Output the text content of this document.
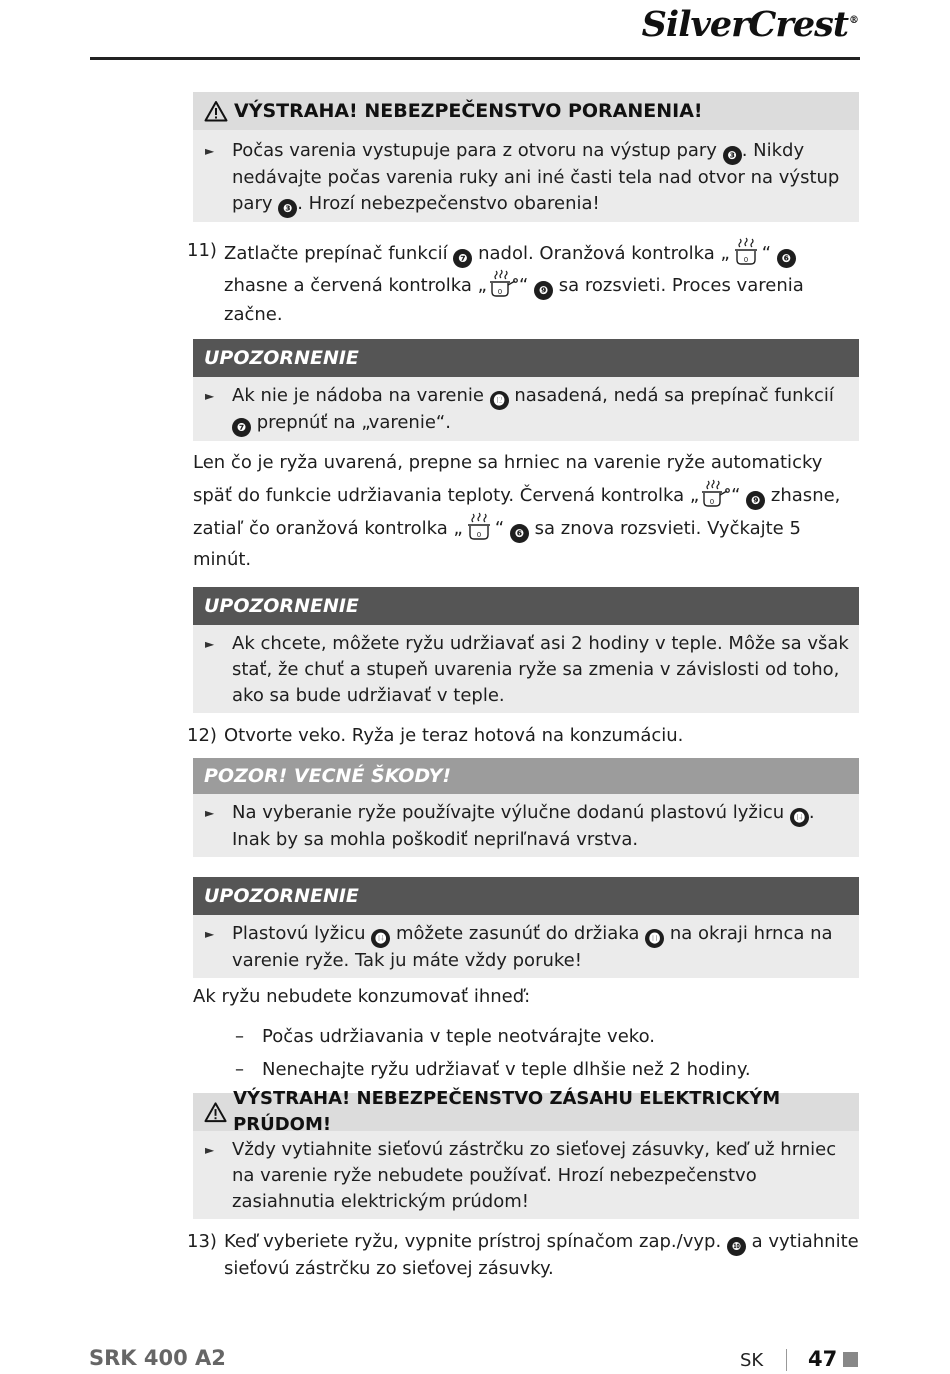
SilverCrest®
VÝSTRAHA! NEBEZPEČENSTVO PORANENIA!
► Počas varenia vystupuje para z otvoru na výstup pary ❸ . Nikdy nedávajte počas varenia ruky ani iné časti tela nad otvor na výstup pary ❸ . Hrozí nebezpečenstvo obarenia!
11) Zatlačte prepínač funkcií ❼ nadol. Oranžová kontrolka „ “ ❻ zhasne a červená kontrolka „ “ ❾ sa rozsvieti. Proces varenia začne.
UPOZORNENIE
► Ak nie je nádoba na varenie ⓬ nasadená, nedá sa prepínač funkcií ❼ prepnúť na „varenie“.
Len čo je ryža uvarená, prepne sa hrniec na varenie ryže automaticky späť do funkcie udržiavania teploty. Červená kontrolka „ “ ❾ zhasne, zatiaľ čo oranžová kontrolka „ “ ❻ sa znova rozsvieti. Vyčkajte 5 minút.
UPOZORNENIE
► Ak chcete, môžete ryžu udržiavať asi 2 hodiny v teple. Môže sa však stať, že chuť a stupeň uvarenia ryže sa zmenia v závislosti od toho, ako sa bude udržiavať v teple.
12) Otvorte veko. Ryža je teraz hotová na konzumáciu.
POZOR! VECNÉ ŠKODY!
► Na vyberanie ryže používajte výlučne dodanú plastovú lyžicu ⓮ .
Inak by sa mohla poškodiť nepriľnavá vrstva.
UPOZORNENIE
► Plastovú lyžicu ⓮ môžete zasunúť do držiaka ⓫ na okraji hrnca na varenie ryže. Tak ju máte vždy poruke!
Ak ryžu nebudete konzumovať ihneď:
–	Počas udržiavania v teple neotvárajte veko.
–	Nenechajte ryžu udržiavať v teple dlhšie než 2 hodiny.
VÝSTRAHA! NEBEZPEČENSTVO ZÁSAHU ELEKTRICKÝM PRÚDOM!
► Vždy vytiahnite sieťovú zástrčku zo sieťovej zásuvky, keď už hrniec na varenie ryže nebudete používať. Hrozí nebezpečenstvo zasiahnutia elektrickým prúdom!
13) Keď vyberiete ryžu, vypnite prístroj spínačom zap./vyp. ❿ a vytiahnite sieťovú zástrčku zo sieťovej zásuvky.
SRK 400 A2	SK 47
